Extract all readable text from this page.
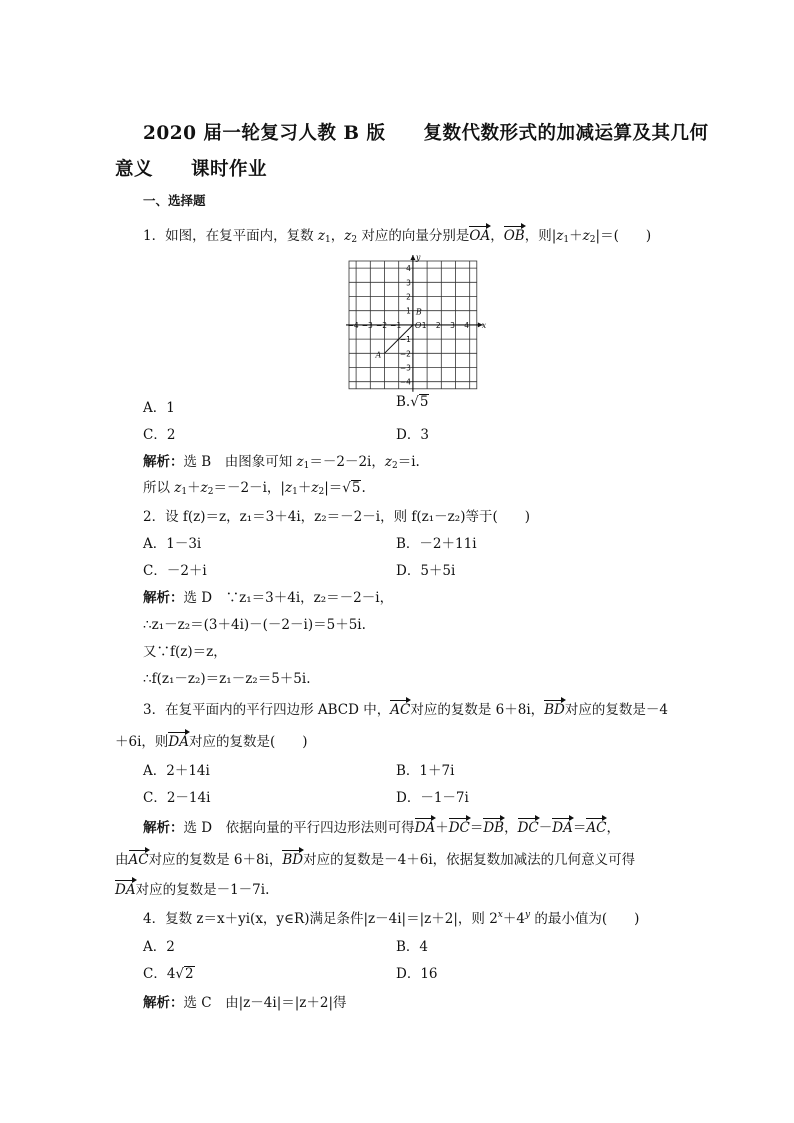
2020 届一轮复习人教 B 版　　复数代数形式的加减运算及其几何
意义　　课时作业
一、选择题
1．如图，在复平面内，复数 $z_1$，$z_2$ 对应的向量分别是OA，OB，则$|z_1+z_2|=$(　　)
−4 −3 −2 −1	1 2 3 4
4
3
2
1
−1
−2
−3
−4
A
B
O	x
y
A．1	B.√5
C．2	D．3
解析：选 B　由图象可知 $z_1=-2-2i$，$z_2=i$.
所以 $z_1+z_2=-2-i$，$|z_1+z_2|=√5$.
2．设 f(z)＝z，z₁＝3＋4i，z₂＝－2－i，则 f(z₁－z₂)等于(　　)
A．1－3i	B．－2＋11i
C．－2＋i	D．5＋5i
解析：选 D　∵z₁＝3＋4i，z₂＝－2－i，
∴z₁－z₂＝(3＋4i)－(－2－i)＝5＋5i.
又∵f(z)＝z，
∴f(z₁－z₂)＝z₁－z₂＝5＋5i.
3．在复平面内的平行四边形 ABCD 中，AC对应的复数是 6＋8i，BD对应的复数是－4
＋6i，则DA对应的复数是(　　)
A．2＋14i	B．1＋7i
C．2－14i	D．－1－7i
解析：选 D　依据向量的平行四边形法则可得DA＋DC＝DB，DC－DA＝AC，
由AC对应的复数是 6＋8i，BD对应的复数是－4＋6i，依据复数加减法的几何意义可得
DA对应的复数是－1－7i.
4．复数 z＝x＋yi(x，y∈R)满足条件|z－4i|＝|z＋2|，则 $2^x+4^y$ 的最小值为(　　)
A．2	B．4
C．4√2	D．16
解析：选 C　由|z－4i|＝|z＋2|得
